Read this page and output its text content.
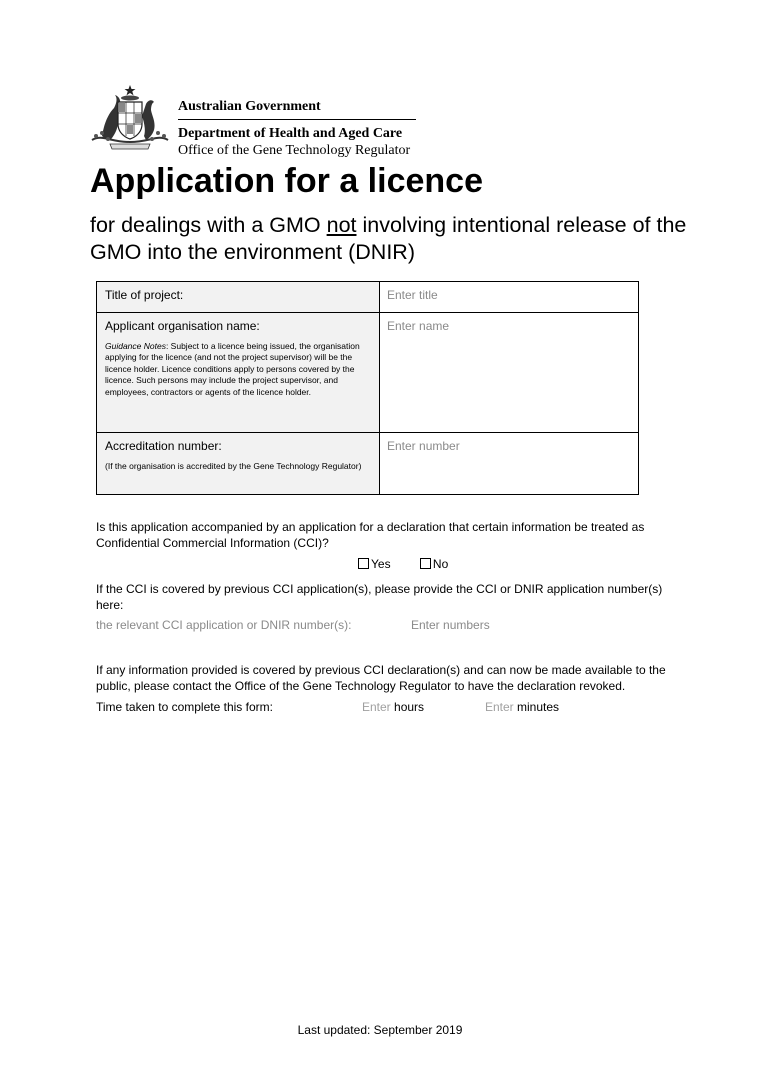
Australian Government
Department of Health and Aged Care
Office of the Gene Technology Regulator
Application for a licence
for dealings with a GMO not involving intentional release of the GMO into the environment (DNIR)
Title of project:	Enter title

Applicant organisation name:
Guidance Notes: Subject to a licence being issued, the organisation applying for the licence (and not the project supervisor) will be the licence holder. Licence conditions apply to persons covered by the licence. Such persons may include the project supervisor, and employees, contractors or agents of the licence holder.	Enter name

Accreditation number:
(If the organisation is accredited by the Gene Technology Regulator)	Enter number
Is this application accompanied by an application for a declaration that certain information be treated as Confidential Commercial Information (CCI)?
Yes	No
If the CCI is covered by previous CCI application(s), please provide the CCI or DNIR application number(s) here:
the relevant CCI application or DNIR number(s):	Enter numbers
If any information provided is covered by previous CCI declaration(s) and can now be made available to the public, please contact the Office of the Gene Technology Regulator to have the declaration revoked.
Time taken to complete this form:	Enter hours	Enter minutes
Last updated: September 2019
